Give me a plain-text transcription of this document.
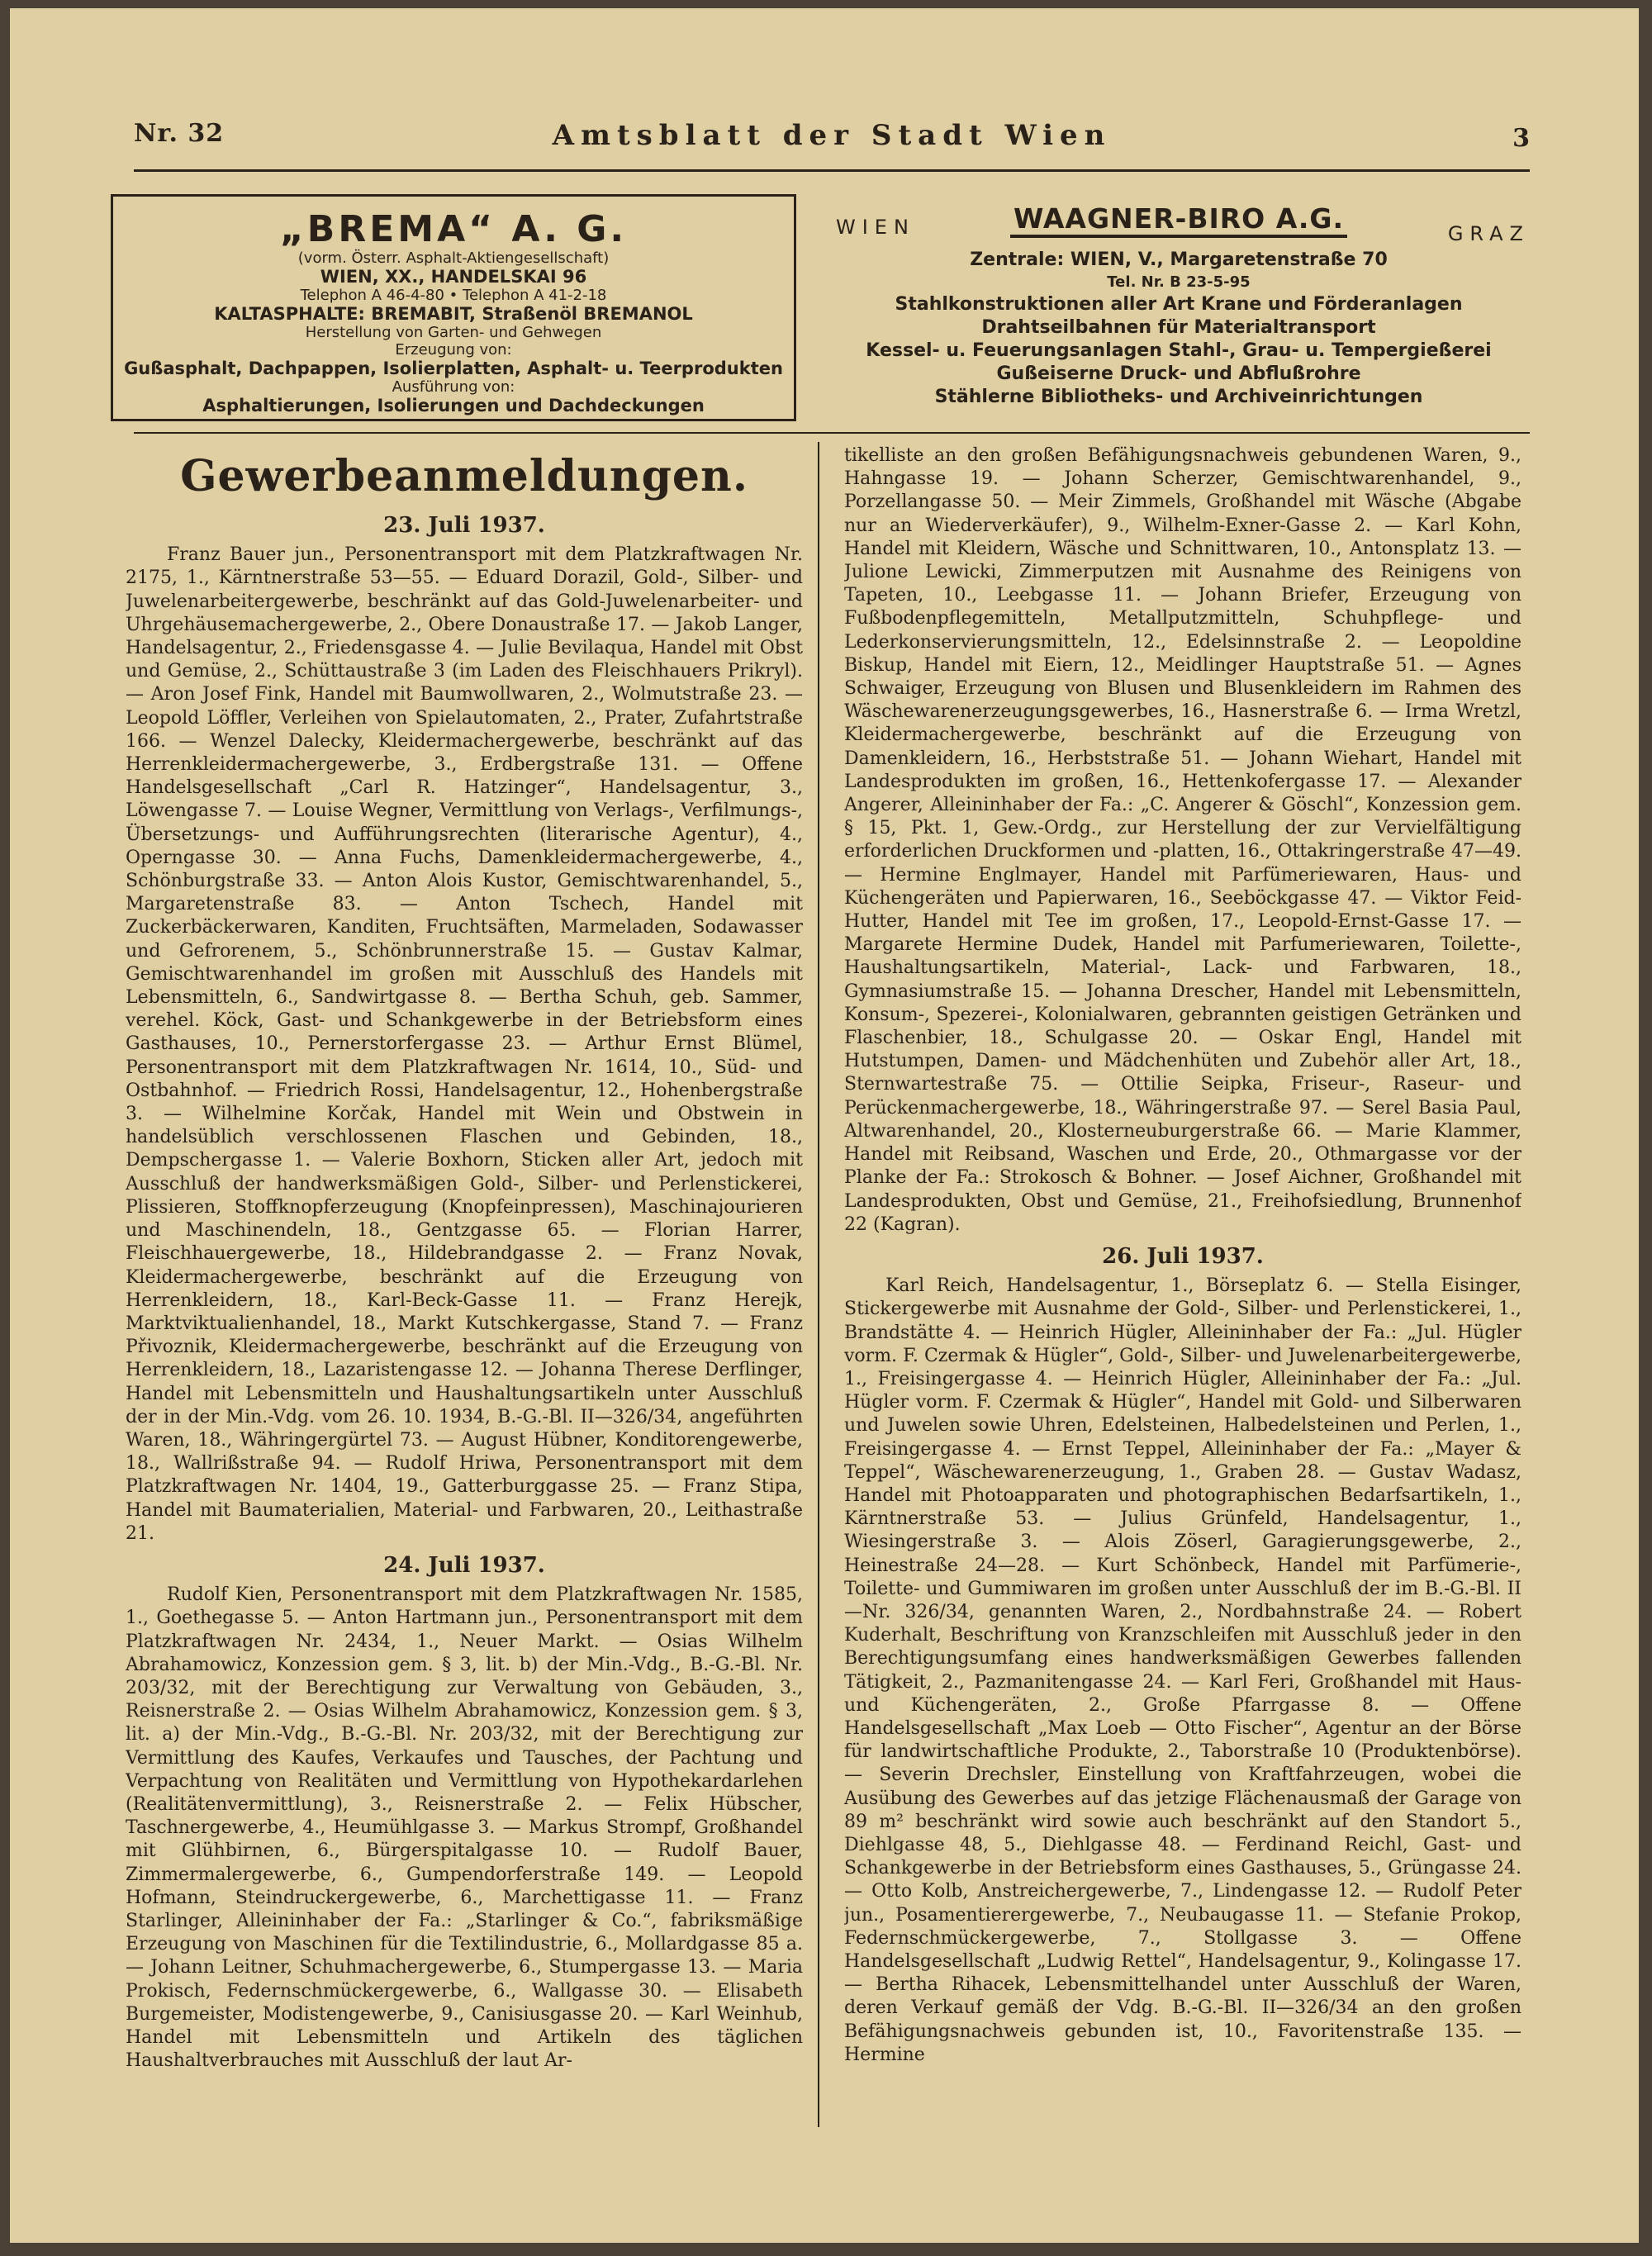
Nr. 32	Amtsblatt der Stadt Wien	3
„BREMA“ A. G.
(vorm. Österr. Asphalt-Aktiengesellschaft)
WIEN, XX., HANDELSKAI 96
Telephon A 46-4-80 • Telephon A 41-2-18
KALTASPHALTE: BREMABIT, Straßenöl BREMANOL
Herstellung von Garten- und Gehwegen
Erzeugung von:
Gußasphalt, Dachpappen, Isolierplatten, Asphalt- u. Teerprodukten
Ausführung von:
Asphaltierungen, Isolierungen und Dachdeckungen
WIEN	WAAGNER-BIRO A.G.	GRAZ
Zentrale: WIEN, V., Margaretenstraße 70
Tel. Nr. B 23-5-95
Stahlkonstruktionen aller Art Krane und Förderanlagen
Drahtseilbahnen für Materialtransport
Kessel- u. Feuerungsanlagen Stahl-, Grau- u. Tempergießerei
Gußeiserne Druck- und Abflußrohre
Stählerne Bibliotheks- und Archiveinrichtungen
Gewerbeanmeldungen.
23. Juli 1937.

Franz Bauer jun., Personentransport mit dem Platzkraftwagen Nr. 2175, 1., Kärntnerstraße 53—55. — Eduard Dorazil, Gold-, Silber- und Juwelenarbeitergewerbe, beschränkt auf das Gold-Juwelenarbeiter- und Uhrgehäusemachergewerbe, 2., Obere Donaustraße 17. — Jakob Langer, Handelsagentur, 2., Friedensgasse 4. — Julie Bevilaqua, Handel mit Obst und Gemüse, 2., Schüttaustraße 3 (im Laden des Fleischhauers Prikryl). — Aron Josef Fink, Handel mit Baumwollwaren, 2., Wolmutstraße 23. — Leopold Löffler, Verleihen von Spielautomaten, 2., Prater, Zufahrtstraße 166. — Wenzel Dalecky, Kleidermachergewerbe, beschränkt auf das Herrenkleidermachergewerbe, 3., Erdbergstraße 131. — Offene Handelsgesellschaft „Carl R. Hatzinger“, Handelsagentur, 3., Löwengasse 7. — Louise Wegner, Vermittlung von Verlags-, Verfilmungs-, Übersetzungs- und Aufführungsrechten (literarische Agentur), 4., Operngasse 30. — Anna Fuchs, Damenkleidermachergewerbe, 4., Schönburgstraße 33. — Anton Alois Kustor, Gemischtwarenhandel, 5., Margaretenstraße 83. — Anton Tschech, Handel mit Zuckerbäckerwaren, Kanditen, Fruchtsäften, Marmeladen, Sodawasser und Gefrorenem, 5., Schönbrunnerstraße 15. — Gustav Kalmar, Gemischtwarenhandel im großen mit Ausschluß des Handels mit Lebensmitteln, 6., Sandwirtgasse 8. — Bertha Schuh, geb. Sammer, verehel. Köck, Gast- und Schankgewerbe in der Betriebsform eines Gasthauses, 10., Pernerstorfergasse 23. — Arthur Ernst Blümel, Personentransport mit dem Platzkraftwagen Nr. 1614, 10., Süd- und Ostbahnhof. — Friedrich Rossi, Handelsagentur, 12., Hohenbergstraße 3. — Wilhelmine Korčak, Handel mit Wein und Obstwein in handelsüblich verschlossenen Flaschen und Gebinden, 18., Dempschergasse 1. — Valerie Boxhorn, Sticken aller Art, jedoch mit Ausschluß der handwerksmäßigen Gold-, Silber- und Perlenstickerei, Plissieren, Stoffknopferzeugung (Knopfeinpressen), Maschinajourieren und Maschinendeln, 18., Gentzgasse 65. — Florian Harrer, Fleischhauergewerbe, 18., Hildebrandgasse 2. — Franz Novak, Kleidermachergewerbe, beschränkt auf die Erzeugung von Herrenkleidern, 18., Karl-Beck-Gasse 11. — Franz Herejk, Marktviktualienhandel, 18., Markt Kutschkergasse, Stand 7. — Franz Přivoznik, Kleidermachergewerbe, beschränkt auf die Erzeugung von Herrenkleidern, 18., Lazaristengasse 12. — Johanna Therese Derflinger, Handel mit Lebensmitteln und Haushaltungsartikeln unter Ausschluß der in der Min.-Vdg. vom 26. 10. 1934, B.-G.-Bl. II—326/34, angeführten Waren, 18., Währingergürtel 73. — August Hübner, Konditorengewerbe, 18., Wallrißstraße 94. — Rudolf Hriwa, Personentransport mit dem Platzkraftwagen Nr. 1404, 19., Gatterburggasse 25. — Franz Stipa, Handel mit Baumaterialien, Material- und Farbwaren, 20., Leithastraße 21.

24. Juli 1937.

Rudolf Kien, Personentransport mit dem Platzkraftwagen Nr. 1585, 1., Goethegasse 5. — Anton Hartmann jun., Personentransport mit dem Platzkraftwagen Nr. 2434, 1., Neuer Markt. — Osias Wilhelm Abrahamowicz, Konzession gem. § 3, lit. b) der Min.-Vdg., B.-G.-Bl. Nr. 203/32, mit der Berechtigung zur Verwaltung von Gebäuden, 3., Reisnerstraße 2. — Osias Wilhelm Abrahamowicz, Konzession gem. § 3, lit. a) der Min.-Vdg., B.-G.-Bl. Nr. 203/32, mit der Berechtigung zur Vermittlung des Kaufes, Verkaufes und Tausches, der Pachtung und Verpachtung von Realitäten und Vermittlung von Hypothekardarlehen (Realitätenvermittlung), 3., Reisnerstraße 2. — Felix Hübscher, Taschnergewerbe, 4., Heumühlgasse 3. — Markus Strompf, Großhandel mit Glühbirnen, 6., Bürgerspitalgasse 10. — Rudolf Bauer, Zimmermalergewerbe, 6., Gumpendorferstraße 149. — Leopold Hofmann, Steindruckergewerbe, 6., Marchettigasse 11. — Franz Starlinger, Alleininhaber der Fa.: „Starlinger & Co.“, fabriksmäßige Erzeugung von Maschinen für die Textilindustrie, 6., Mollardgasse 85 a. — Johann Leitner, Schuhmachergewerbe, 6., Stumpergasse 13. — Maria Prokisch, Federnschmückergewerbe, 6., Wallgasse 30. — Elisabeth Burgemeister, Modistengewerbe, 9., Canisiusgasse 20. — Karl Weinhub, Handel mit Lebensmitteln und Artikeln des täglichen Haushaltverbrauches mit Ausschluß der laut Ar-

tikelliste an den großen Befähigungsnachweis gebundenen Waren, 9., Hahngasse 19. — Johann Scherzer, Gemischtwarenhandel, 9., Porzellangasse 50. — Meir Zimmels, Großhandel mit Wäsche (Abgabe nur an Wiederverkäufer), 9., Wilhelm-Exner-Gasse 2. — Karl Kohn, Handel mit Kleidern, Wäsche und Schnittwaren, 10., Antonsplatz 13. — Julione Lewicki, Zimmerputzen mit Ausnahme des Reinigens von Tapeten, 10., Leebgasse 11. — Johann Briefer, Erzeugung von Fußbodenpflegemitteln, Metallputzmitteln, Schuhpflege- und Lederkonservierungsmitteln, 12., Edelsinnstraße 2. — Leopoldine Biskup, Handel mit Eiern, 12., Meidlinger Hauptstraße 51. — Agnes Schwaiger, Erzeugung von Blusen und Blusenkleidern im Rahmen des Wäschewarenerzeugungsgewerbes, 16., Hasnerstraße 6. — Irma Wretzl, Kleidermachergewerbe, beschränkt auf die Erzeugung von Damenkleidern, 16., Herbststraße 51. — Johann Wiehart, Handel mit Landesprodukten im großen, 16., Hettenkofergasse 17. — Alexander Angerer, Alleininhaber der Fa.: „C. Angerer & Göschl“, Konzession gem. § 15, Pkt. 1, Gew.-Ordg., zur Herstellung der zur Vervielfältigung erforderlichen Druckformen und -platten, 16., Ottakringerstraße 47—49. — Hermine Englmayer, Handel mit Parfümeriewaren, Haus- und Küchengeräten und Papierwaren, 16., Seeböckgasse 47. — Viktor Feid-Hutter, Handel mit Tee im großen, 17., Leopold-Ernst-Gasse 17. — Margarete Hermine Dudek, Handel mit Parfumeriewaren, Toilette-, Haushaltungsartikeln, Material-, Lack- und Farbwaren, 18., Gymnasiumstraße 15. — Johanna Drescher, Handel mit Lebensmitteln, Konsum-, Spezerei-, Kolonialwaren, gebrannten geistigen Getränken und Flaschenbier, 18., Schulgasse 20. — Oskar Engl, Handel mit Hutstumpen, Damen- und Mädchenhüten und Zubehör aller Art, 18., Sternwartestraße 75. — Ottilie Seipka, Friseur-, Raseur- und Perückenmachergewerbe, 18., Währingerstraße 97. — Serel Basia Paul, Altwarenhandel, 20., Klosterneuburgerstraße 66. — Marie Klammer, Handel mit Reibsand, Waschen und Erde, 20., Othmargasse vor der Planke der Fa.: Strokosch & Bohner. — Josef Aichner, Großhandel mit Landesprodukten, Obst und Gemüse, 21., Freihofsiedlung, Brunnenhof 22 (Kagran).

26. Juli 1937.

Karl Reich, Handelsagentur, 1., Börseplatz 6. — Stella Eisinger, Stickergewerbe mit Ausnahme der Gold-, Silber- und Perlenstickerei, 1., Brandstätte 4. — Heinrich Hügler, Alleininhaber der Fa.: „Jul. Hügler vorm. F. Czermak & Hügler“, Gold-, Silber- und Juwelenarbeitergewerbe, 1., Freisingergasse 4. — Heinrich Hügler, Alleininhaber der Fa.: „Jul. Hügler vorm. F. Czermak & Hügler“, Handel mit Gold- und Silberwaren und Juwelen sowie Uhren, Edelsteinen, Halbedelsteinen und Perlen, 1., Freisingergasse 4. — Ernst Teppel, Alleininhaber der Fa.: „Mayer & Teppel“, Wäschewarenerzeugung, 1., Graben 28. — Gustav Wadasz, Handel mit Photoapparaten und photographischen Bedarfsartikeln, 1., Kärntnerstraße 53. — Julius Grünfeld, Handelsagentur, 1., Wiesingerstraße 3. — Alois Zöserl, Garagierungsgewerbe, 2., Heinestraße 24—28. — Kurt Schönbeck, Handel mit Parfümerie-, Toilette- und Gummiwaren im großen unter Ausschluß der im B.-G.-Bl. II—Nr. 326/34, genannten Waren, 2., Nordbahnstraße 24. — Robert Kuderhalt, Beschriftung von Kranzschleifen mit Ausschluß jeder in den Berechtigungsumfang eines handwerksmäßigen Gewerbes fallenden Tätigkeit, 2., Pazmanitengasse 24. — Karl Feri, Großhandel mit Haus- und Küchengeräten, 2., Große Pfarrgasse 8. — Offene Handelsgesellschaft „Max Loeb — Otto Fischer“, Agentur an der Börse für landwirtschaftliche Produkte, 2., Taborstraße 10 (Produktenbörse). — Severin Drechsler, Einstellung von Kraftfahrzeugen, wobei die Ausübung des Gewerbes auf das jetzige Flächenausmaß der Garage von 89 m² beschränkt wird sowie auch beschränkt auf den Standort 5., Diehlgasse 48, 5., Diehlgasse 48. — Ferdinand Reichl, Gast- und Schankgewerbe in der Betriebsform eines Gasthauses, 5., Grüngasse 24. — Otto Kolb, Anstreichergewerbe, 7., Lindengasse 12. — Rudolf Peter jun., Posamentierergewerbe, 7., Neubaugasse 11. — Stefanie Prokop, Federnschmückergewerbe, 7., Stollgasse 3. — Offene Handelsgesellschaft „Ludwig Rettel“, Handelsagentur, 9., Kolingasse 17. — Bertha Rihacek, Lebensmittelhandel unter Ausschluß der Waren, deren Verkauf gemäß der Vdg. B.-G.-Bl. II—326/34 an den großen Befähigungsnachweis gebunden ist, 10., Favoritenstraße 135. — Hermine
